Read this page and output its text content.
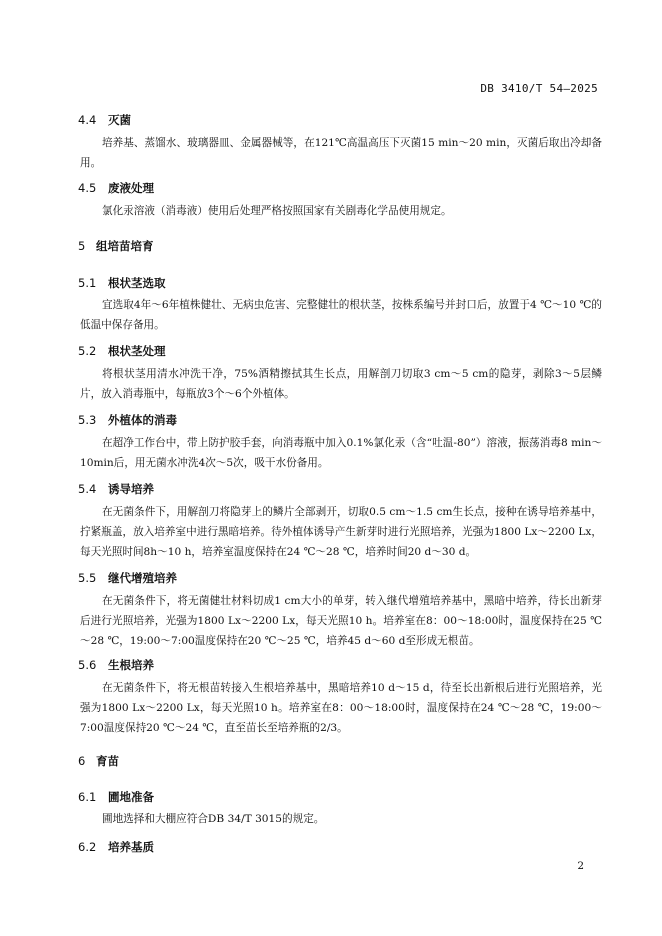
DB 3410/T 54—2025
4.4 灭菌

培养基、蒸馏水、玻璃器皿、金属器械等，在121℃高温高压下灭菌15 min～20 min，灭菌后取出冷却备用。

4.5 废液处理

氯化汞溶液（消毒液）使用后处理严格按照国家有关剧毒化学品使用规定。

5 组培苗培育
5.1 根状茎选取

宜选取4年～6年植株健壮、无病虫危害、完整健壮的根状茎，按株系编号并封口后，放置于4 ℃～10 ℃的低温中保存备用。

5.2 根状茎处理

将根状茎用清水冲洗干净，75%酒精擦拭其生长点，用解剖刀切取3 cm～5 cm的隐芽，剥除3～5层鳞片，放入消毒瓶中，每瓶放3个～6个外植体。

5.3 外植体的消毒

在超净工作台中，带上防护胶手套，向消毒瓶中加入0.1%氯化汞（含“吐温-80”）溶液，振荡消毒8 min～10min后，用无菌水冲洗4次～5次，吸干水份备用。

5.4 诱导培养

在无菌条件下，用解剖刀将隐芽上的鳞片全部剥开，切取0.5 cm～1.5 cm生长点，接种在诱导培养基中，拧紧瓶盖，放入培养室中进行黑暗培养。待外植体诱导产生新芽时进行光照培养，光强为1800 Lx～2200 Lx，每天光照时间8h～10 h，培养室温度保持在24 ℃～28 ℃，培养时间20 d～30 d。

5.5 继代增殖培养

在无菌条件下，将无菌健壮材料切成1 cm大小的单芽，转入继代增殖培养基中，黑暗中培养，待长出新芽后进行光照培养，光强为1800 Lx～2200 Lx，每天光照10 h。培养室在8：00～18:00时，温度保持在25 ℃～28 ℃，19:00～7:00温度保持在20 ℃～25 ℃，培养45 d～60 d至形成无根苗。

5.6 生根培养

在无菌条件下，将无根苗转接入生根培养基中，黑暗培养10 d～15 d，待至长出新根后进行光照培养，光强为1800 Lx～2200 Lx，每天光照10 h。培养室在8：00～18:00时，温度保持在24 ℃～28 ℃，19:00～7:00温度保持20 ℃～24 ℃，直至苗长至培养瓶的2/3。

6 育苗
6.1 圃地准备

圃地选择和大棚应符合DB 34/T 3015的规定。

6.2 培养基质
2
